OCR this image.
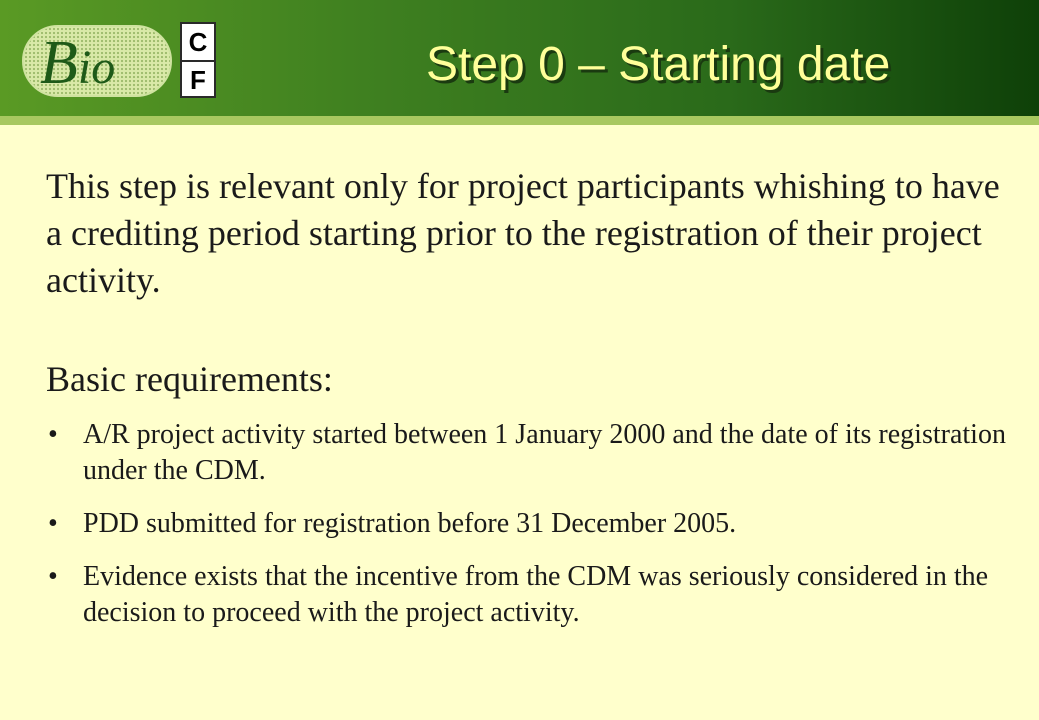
Bio	C
F	Step 0 – Starting date

This step is relevant only for project participants whishing to have a crediting period starting prior to the registration of their project activity.

Basic requirements:

• A/R project activity started between 1 January 2000 and the date of its registration under the CDM.
• PDD submitted for registration before 31 December 2005.
• Evidence exists that the incentive from the CDM was seriously considered in the decision to proceed with the project activity.
